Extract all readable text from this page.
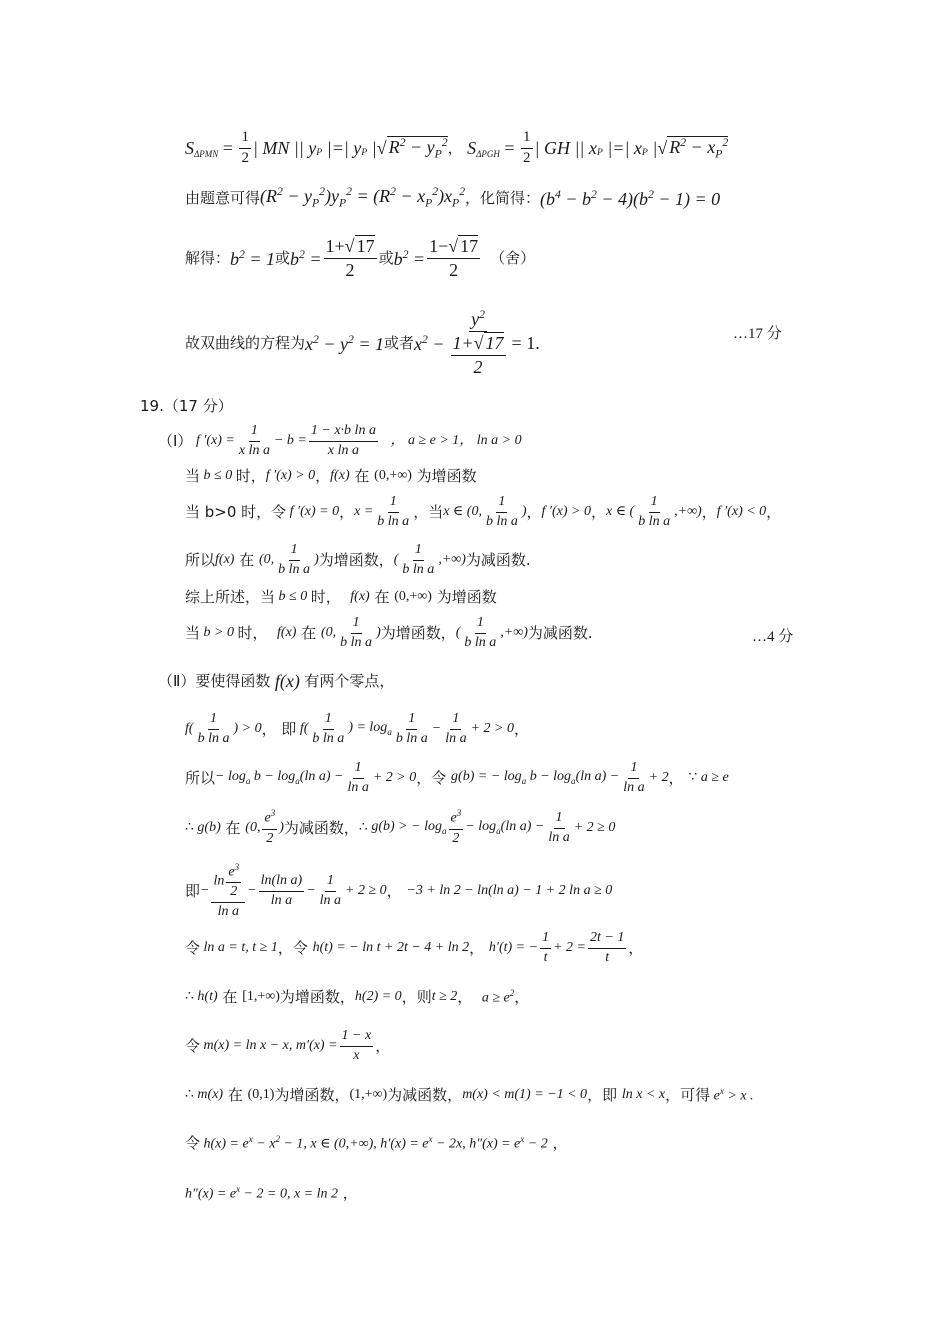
$S_{\Delta PMN} = \frac{1}{2}$ | MN || $y_P$ |=| $y_P$ | √ $R^2 - y_P^2$ ， $S_{\Delta PGH} = \frac{1}{2}$ | GH || $x_P$ |=| $x_P$ | √ $R^2 - x_P^2$
由题意可得 $(R^2 - y_P^2)y_P^2 = (R^2 - x_P^2)x_P^2$ ，化简得： $(b^4 - b^2 - 4)(b^2 - 1) = 0$
解得： $b^2 = 1$ 或 $b^2 = \frac{1+√ 17}{2}$ 或 $b^2 = \frac{1-√ 17}{2}$ （舍）
故双曲线的方程为 $x^2 - y^2 = 1$ 或者 $x^2 - \frac{y^2}{\frac{1+√ 17}{2}} = 1$.	…17 分
19.（17 分）
（Ⅰ） f $'(x) = \frac{1}{\text{x ln a}} - b = \frac{\text{1 − x·b ln a}}{\text{x ln a}}$ ， a ≥ e > 1， ln a > 0
当 b ≤ 0 时， f ′(x) > 0 ， f(x) 在 (0,+∞) 为增函数
当 b>0 时，令 f ′(x) = 0 ， $x = \frac{1}{\text{b ln a}}$ ，当 x ∈ (0, $\frac{1}{\text{b ln a}}$ ) ， f ′(x) > 0 ， x ∈ ( $\frac{1}{\text{b ln a}}$ ,+∞) ， f ′(x) < 0 ，
所以 f(x) 在 (0, $\frac{1}{\text{b ln a}}$ ) 为增函数， ( $\frac{1}{\text{b ln a}}$ ,+∞) 为减函数.
综上所述， 当 b ≤ 0 时， f(x) 在 (0,+∞) 为增函数
当 b > 0 时， f(x) 在 (0, $\frac{1}{\text{b ln a}}$ ) 为增函数， ( $\frac{1}{\text{b ln a}}$ ,+∞) 为减函数.	…4 分
（Ⅱ）要使得函数 f(x) 有两个零点，
$f( \frac{1}{\text{b ln a}}$ ) > 0 ， 即 $f( \frac{1}{\text{b ln a}}$ ) = $\log_a \frac{1}{\text{b ln a}} - \frac{1}{\text{ln a}} + 2 > 0$ ，
所以 − $\log_a b - \log_a(\ln$ $a) - \frac{1}{\text{ln a}} + 2 > 0$ ，令 g(b) = − $\log_a b - \log_a(\ln$ $a) - \frac{1}{\text{ln a}} + 2$ ， ∵ a ≥ e
∴ g(b) 在 (0, $\frac{e^3}{2}$ ) 为减函数， ∴ g(b) > − $\log_a \frac{e^3}{2} - \log_a(\ln$ $a) - \frac{1}{\text{ln a}} + 2 \ge 0$
即 − $\frac{\ln \frac{e^3}{2}}{\text{ln a}} - \frac{\text{ln(ln a)}}{\text{ln a}} - \frac{1}{\text{ln a}} + 2 \ge 0$ ， −3 + ln 2 − ln(ln a) − 1 + 2 ln a ≥ 0
令 ln a = t, t ≥ 1 ，令 h(t) = − ln t + 2t − 4 + ln 2 ， h′(t) = − $\frac{1}{t} + 2 = \frac{2t - 1}{t}$ ，
∴ h(t) 在 [1,+∞) 为增函数， h(2) = 0 ， 则 t ≥ 2 ， $a \ge e^2$ ，
令 m(x) = ln x − x, $m'(x) = \frac{1 - x}{x}$ ，
∴ m(x) 在 (0,1) 为增函数， (1,+∞) 为减函数， m(x) < m(1) = −1 < 0 ，即 ln x < x ，可得 $e^x > x$ .
令 $h(x) = e^x - x^2 - 1$, x ∈ (0,+∞), $h'(x) = e^x - 2x$, $h''(x) = e^x - 2$ ，
$h''(x) = e^x - 2 = 0$, x = ln 2 ，
